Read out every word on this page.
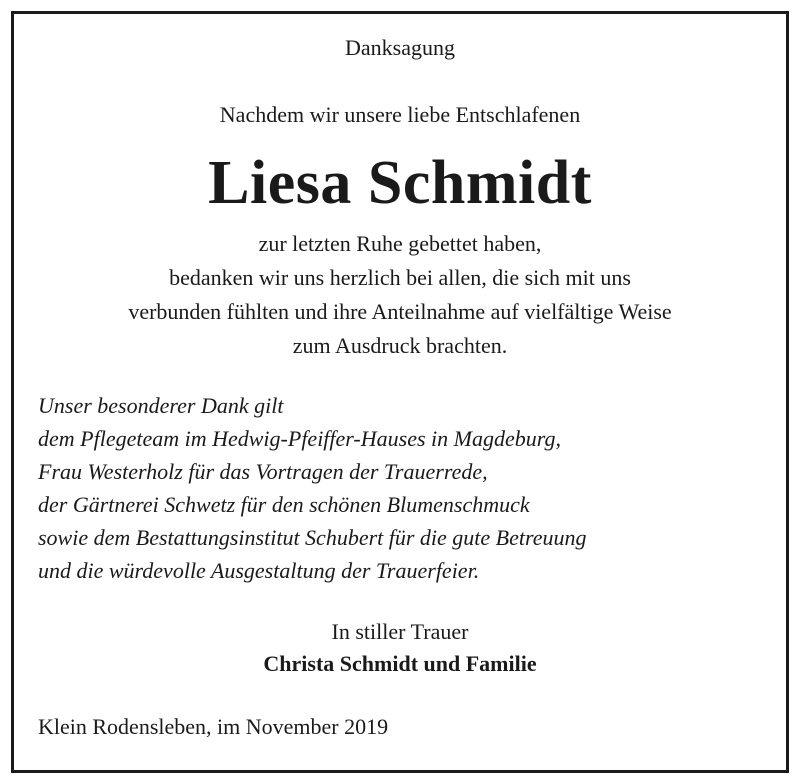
Danksagung
Nachdem wir unsere liebe Entschlafenen
Liesa Schmidt
zur letzten Ruhe gebettet haben,
bedanken wir uns herzlich bei allen, die sich mit uns
verbunden fühlten und ihre Anteilnahme auf vielfältige Weise
zum Ausdruck brachten.
Unser besonderer Dank gilt
dem Pflegeteam im Hedwig-Pfeiffer-Hauses in Magdeburg,
Frau Westerholz für das Vortragen der Trauerrede,
der Gärtnerei Schwetz für den schönen Blumenschmuck
sowie dem Bestattungsinstitut Schubert für die gute Betreuung
und die würdevolle Ausgestaltung der Trauerfeier.
In stiller Trauer
Christa Schmidt und Familie
Klein Rodensleben, im November 2019
